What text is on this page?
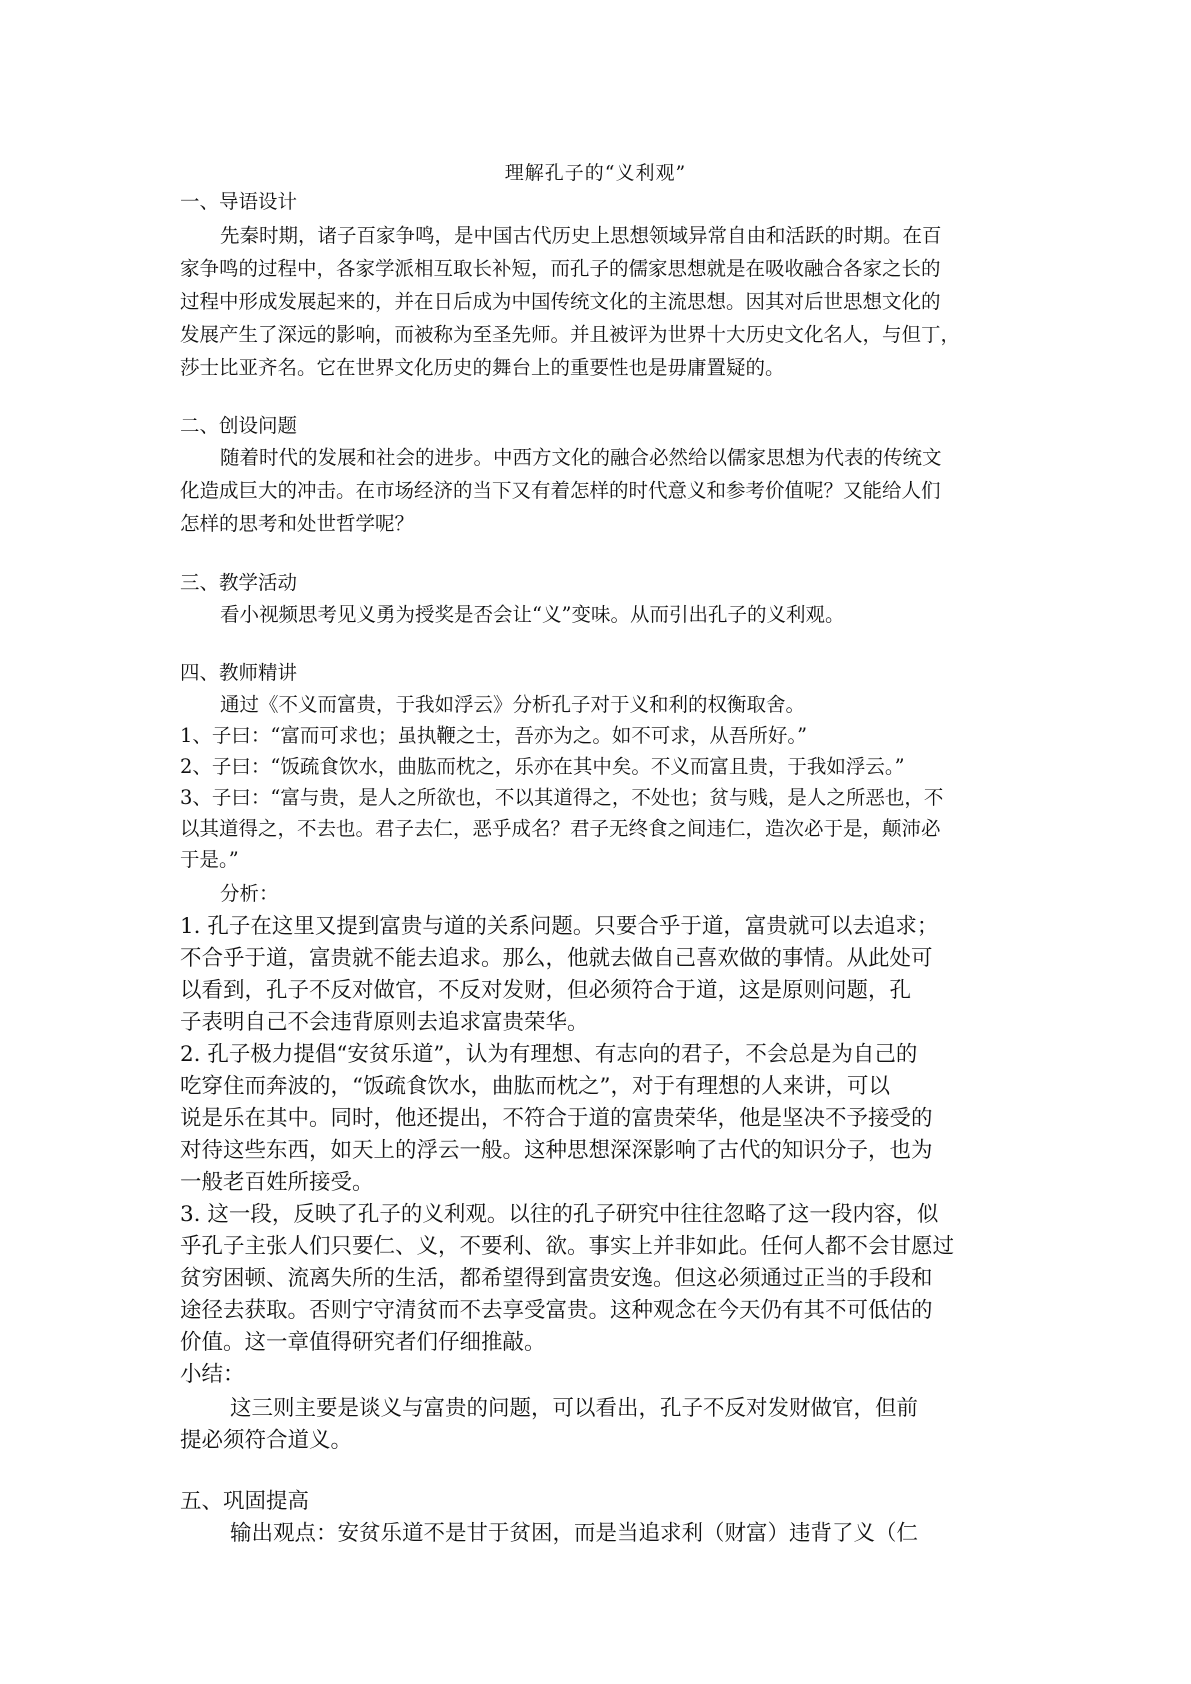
理解孔子的“义利观”
一、导语设计
先秦时期，诸子百家争鸣，是中国古代历史上思想领域异常自由和活跃的时期。在百
家争鸣的过程中，各家学派相互取长补短，而孔子的儒家思想就是在吸收融合各家之长的
过程中形成发展起来的，并在日后成为中国传统文化的主流思想。因其对后世思想文化的
发展产生了深远的影响，而被称为至圣先师。并且被评为世界十大历史文化名人，与但丁，
莎士比亚齐名。它在世界文化历史的舞台上的重要性也是毋庸置疑的。
二、创设问题
随着时代的发展和社会的进步。中西方文化的融合必然给以儒家思想为代表的传统文
化造成巨大的冲击。在市场经济的当下又有着怎样的时代意义和参考价值呢？又能给人们
怎样的思考和处世哲学呢？
三、教学活动
看小视频思考见义勇为授奖是否会让“义”变味。从而引出孔子的义利观。
四、教师精讲
通过《不义而富贵，于我如浮云》分析孔子对于义和利的权衡取舍。
1、子曰：“富而可求也；虽执鞭之士，吾亦为之。如不可求，从吾所好。”
2、子曰：“饭疏食饮水，曲肱而枕之，乐亦在其中矣。不义而富且贵，于我如浮云。”
3、子曰：“富与贵，是人之所欲也，不以其道得之，不处也；贫与贱，是人之所恶也，不
以其道得之，不去也。君子去仁，恶乎成名？君子无终食之间违仁，造次必于是，颠沛必
于是。”
分析：
1. 孔子在这里又提到富贵与道的关系问题。只要合乎于道，富贵就可以去追求；
不合乎于道，富贵就不能去追求。那么，他就去做自己喜欢做的事情。从此处可
以看到，孔子不反对做官，不反对发财，但必须符合于道，这是原则问题，孔
子表明自己不会违背原则去追求富贵荣华。
2. 孔子极力提倡“安贫乐道”，认为有理想、有志向的君子，不会总是为自己的
吃穿住而奔波的，“饭疏食饮水，曲肱而枕之”，对于有理想的人来讲，可以
说是乐在其中。同时，他还提出，不符合于道的富贵荣华，他是坚决不予接受的
对待这些东西，如天上的浮云一般。这种思想深深影响了古代的知识分子，也为
一般老百姓所接受。
3. 这一段，反映了孔子的义利观。以往的孔子研究中往往忽略了这一段内容，似
乎孔子主张人们只要仁、义，不要利、欲。事实上并非如此。任何人都不会甘愿过
贫穷困顿、流离失所的生活，都希望得到富贵安逸。但这必须通过正当的手段和
途径去获取。否则宁守清贫而不去享受富贵。这种观念在今天仍有其不可低估的
价值。这一章值得研究者们仔细推敲。
小结：
这三则主要是谈义与富贵的问题，可以看出，孔子不反对发财做官，但前
提必须符合道义。
五、巩固提高
输出观点：安贫乐道不是甘于贫困，而是当追求利（财富）违背了义（仁
